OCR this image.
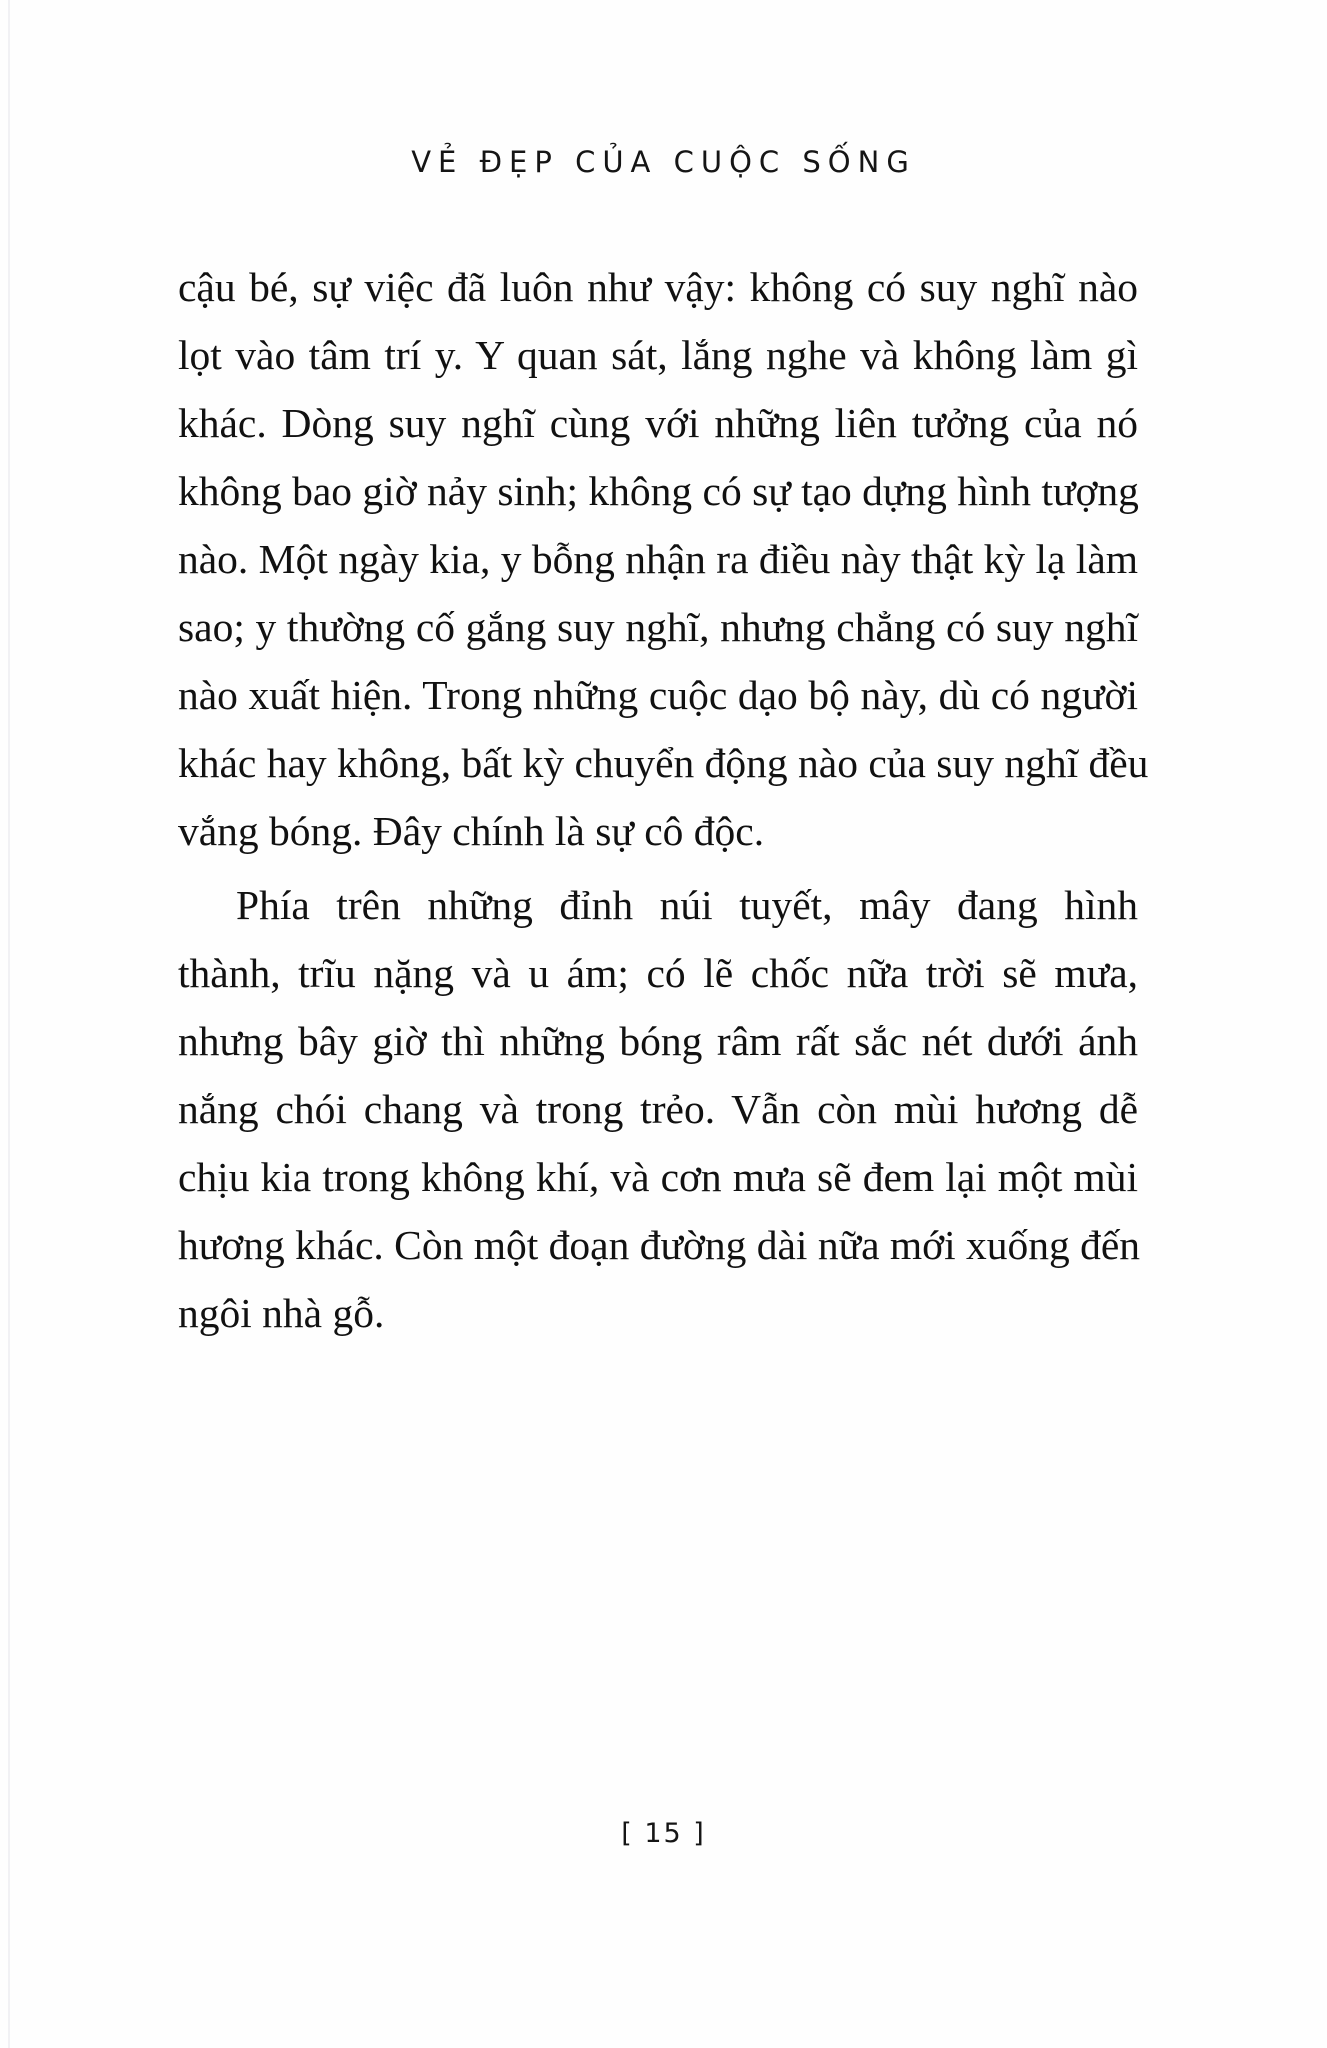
VẺ ĐẸP CỦA CUỘC SỐNG
cậu bé, sự việc đã luôn như vậy: không có suy nghĩ nào
lọt vào tâm trí y. Y quan sát, lắng nghe và không làm gì
khác. Dòng suy nghĩ cùng với những liên tưởng của nó
không bao giờ nảy sinh; không có sự tạo dựng hình tượng
nào. Một ngày kia, y bỗng nhận ra điều này thật kỳ lạ làm
sao; y thường cố gắng suy nghĩ, nhưng chẳng có suy nghĩ
nào xuất hiện. Trong những cuộc dạo bộ này, dù có người
khác hay không, bất kỳ chuyển động nào của suy nghĩ đều
vắng bóng. Đây chính là sự cô độc.
Phía trên những đỉnh núi tuyết, mây đang hình
thành, trĩu nặng và u ám; có lẽ chốc nữa trời sẽ mưa,
nhưng bây giờ thì những bóng râm rất sắc nét dưới ánh
nắng chói chang và trong trẻo. Vẫn còn mùi hương dễ
chịu kia trong không khí, và cơn mưa sẽ đem lại một mùi
hương khác. Còn một đoạn đường dài nữa mới xuống đến
ngôi nhà gỗ.
[ 15 ]
